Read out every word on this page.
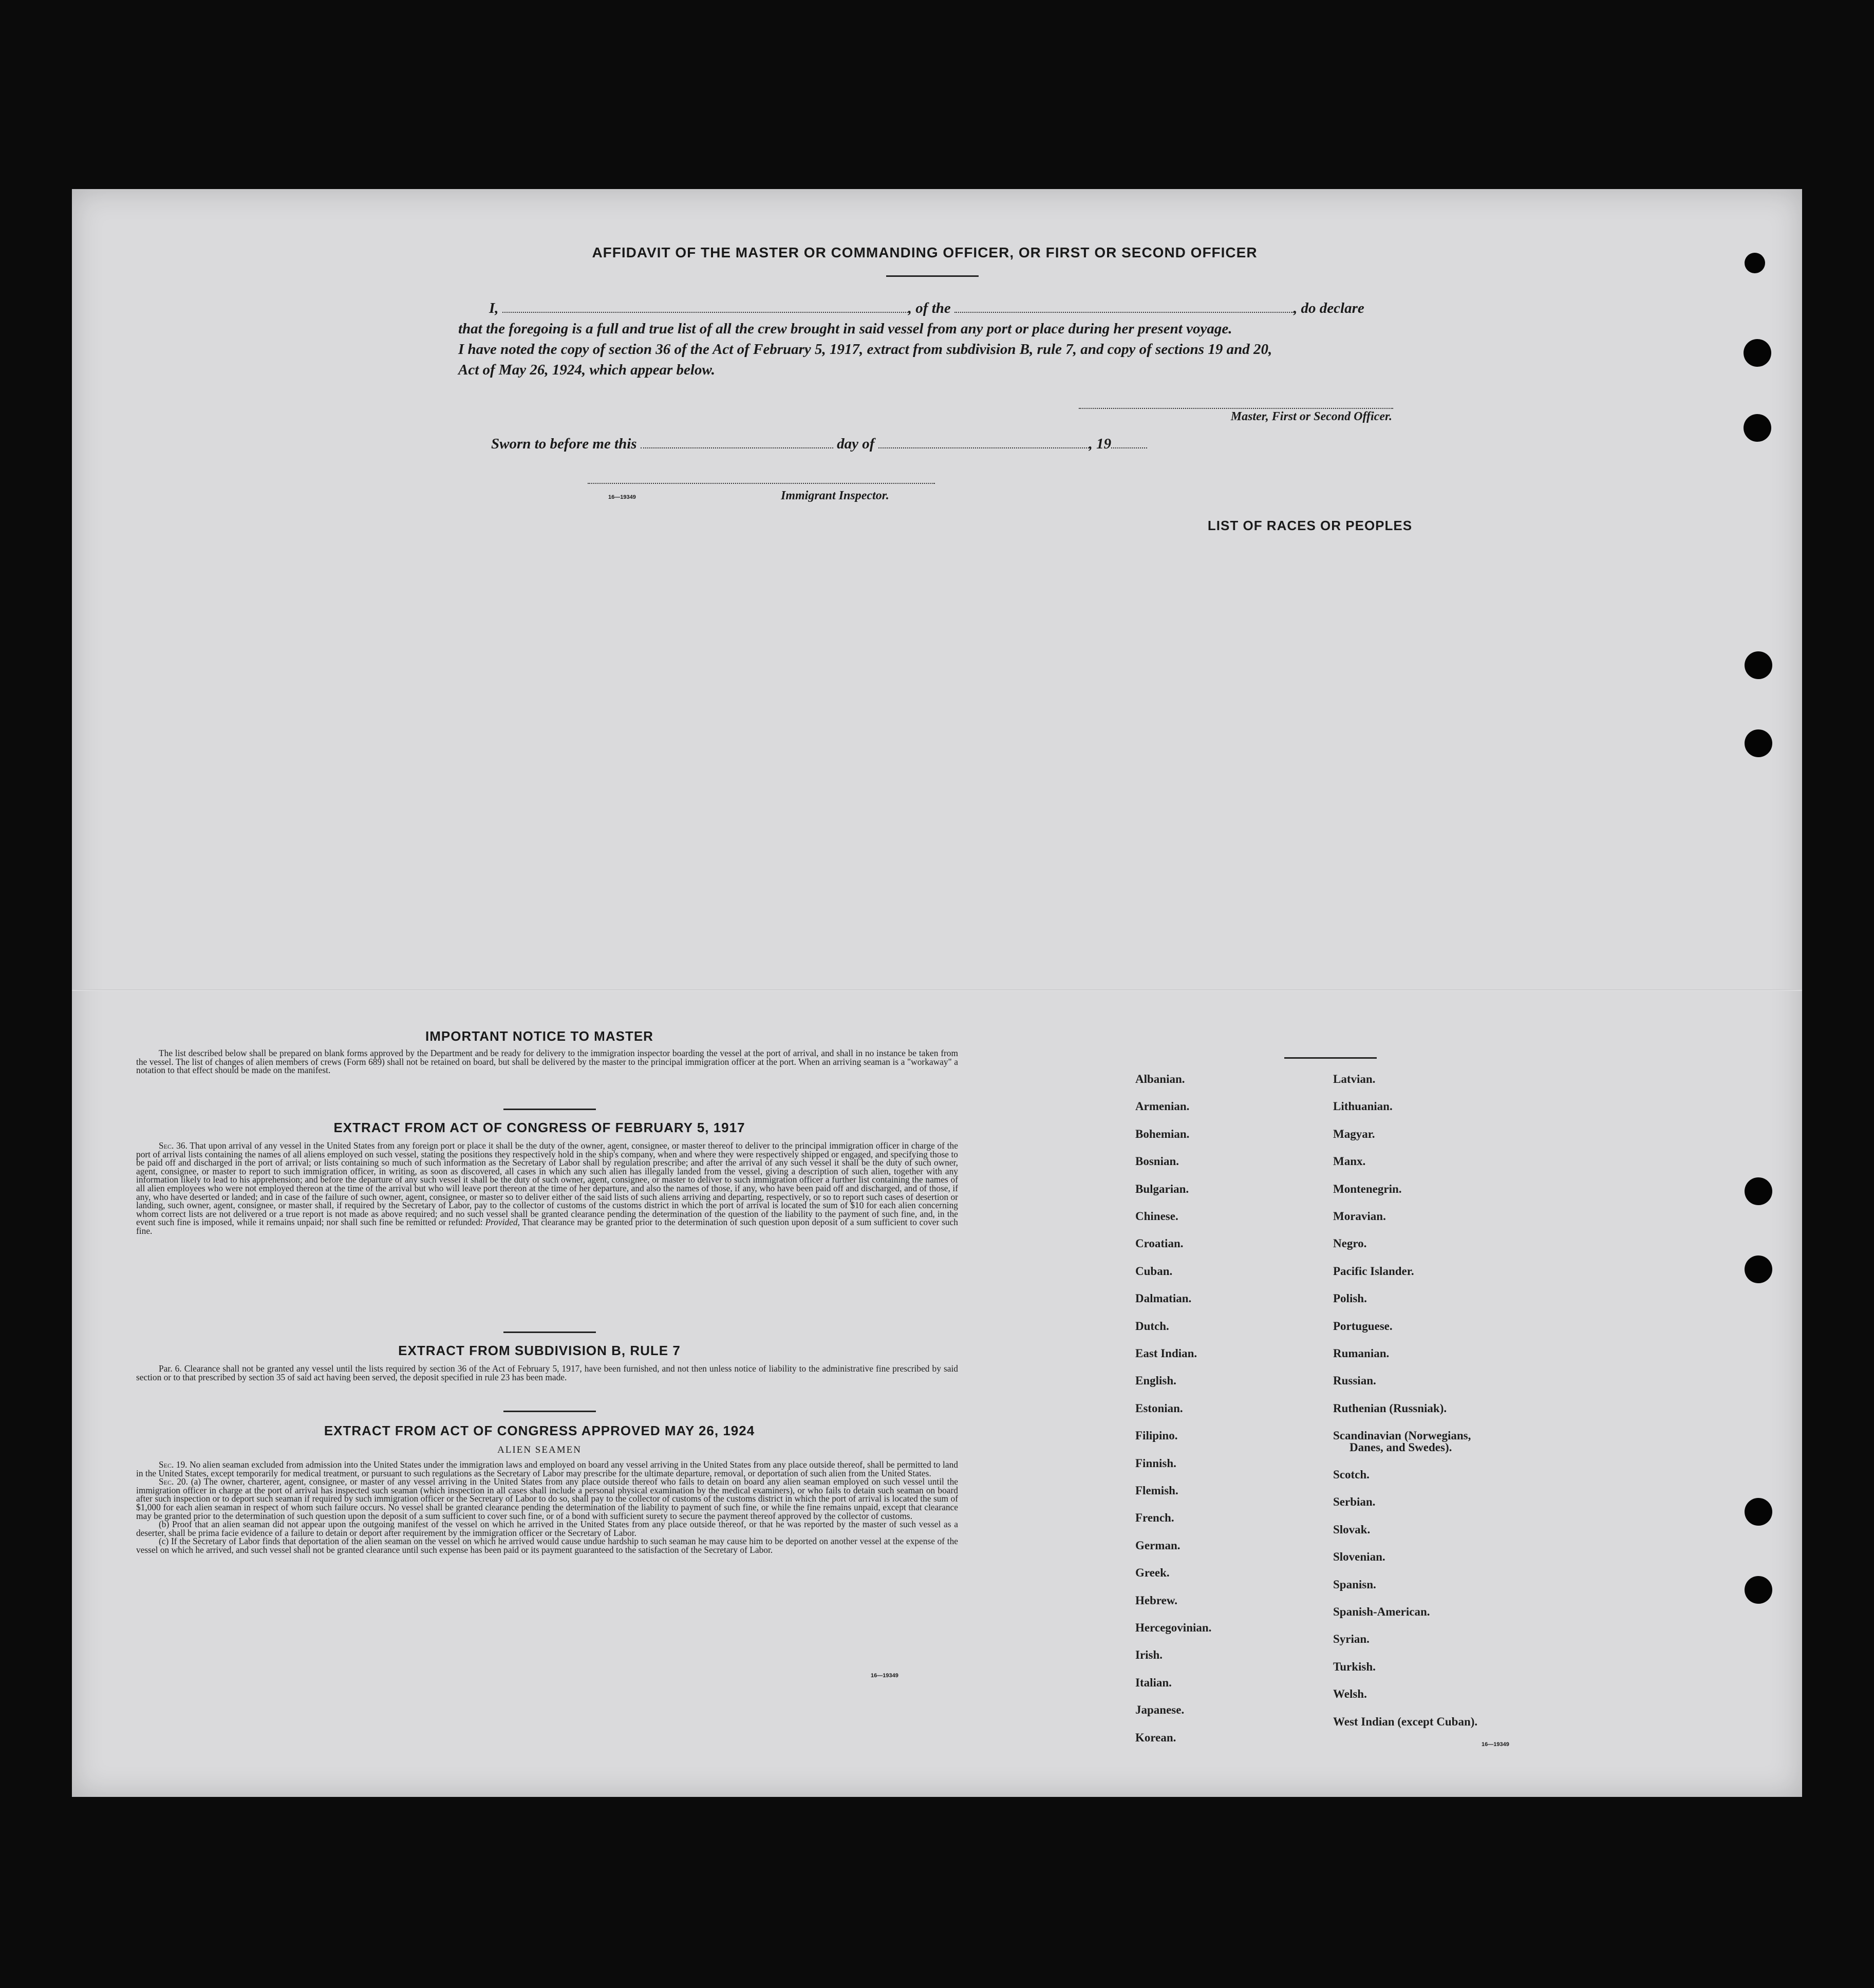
AFFIDAVIT OF THE MASTER OR COMMANDING OFFICER, OR FIRST OR SECOND OFFICER
I,	, of the	, do declare
that the foregoing is a full and true list of all the crew brought in said vessel from any port or place during her present voyage.
I have noted the copy of section 36 of the Act of February 5, 1917, extract from subdivision B, rule 7, and copy of sections 19 and 20,
Act of May 26, 1924, which appear below.
Master, First or Second Officer.
Sworn to before me this	day of	, 19
16—19349	Immigrant Inspector.
IMPORTANT NOTICE TO MASTER

The list described below shall be prepared on blank forms approved by the Department and be ready for delivery to the immigration inspector boarding the vessel at the port of arrival, and shall in no instance be taken from the vessel. The list of changes of alien members of crews (Form 689) shall not be retained on board, but shall be delivered by the master to the principal immigration officer at the port. When an arriving seaman is a "workaway" a notation to that effect should be made on the manifest.

EXTRACT FROM ACT OF CONGRESS OF FEBRUARY 5, 1917

Sec. 36. That upon arrival of any vessel in the United States from any foreign port or place it shall be the duty of the owner, agent, consignee, or master thereof to deliver to the principal immigration officer in charge of the port of arrival lists containing the names of all aliens employed on such vessel, stating the positions they respectively hold in the ship's company, when and where they were respectively shipped or engaged, and specifying those to be paid off and discharged in the port of arrival; or lists containing so much of such information as the Secretary of Labor shall by regulation prescribe; and after the arrival of any such vessel it shall be the duty of such owner, agent, consignee, or master to report to such immigration officer, in writing, as soon as discovered, all cases in which any such alien has illegally landed from the vessel, giving a description of such alien, together with any information likely to lead to his apprehension; and before the departure of any such vessel it shall be the duty of such owner, agent, consignee, or master to deliver to such immigration officer a further list containing the names of all alien employees who were not employed thereon at the time of the arrival but who will leave port thereon at the time of her departure, and also the names of those, if any, who have been paid off and discharged, and of those, if any, who have deserted or landed; and in case of the failure of such owner, agent, consignee, or master so to deliver either of the said lists of such aliens arriving and departing, respectively, or so to report such cases of desertion or landing, such owner, agent, consignee, or master shall, if required by the Secretary of Labor, pay to the collector of customs of the customs district in which the port of arrival is located the sum of $10 for each alien concerning whom correct lists are not delivered or a true report is not made as above required; and no such vessel shall be granted clearance pending the determination of the question of the liability to the payment of such fine, and, in the event such fine is imposed, while it remains unpaid; nor shall such fine be remitted or refunded: Provided, That clearance may be granted prior to the determination of such question upon deposit of a sum sufficient to cover such fine.

EXTRACT FROM SUBDIVISION B, RULE 7

Par. 6. Clearance shall not be granted any vessel until the lists required by section 36 of the Act of February 5, 1917, have been furnished, and not then unless notice of liability to the administrative fine prescribed by said section or to that prescribed by section 35 of said act having been served, the deposit specified in rule 23 has been made.

EXTRACT FROM ACT OF CONGRESS APPROVED MAY 26, 1924
ALIEN SEAMEN

Sec. 19. No alien seaman excluded from admission into the United States under the immigration laws and employed on board any vessel arriving in the United States from any place outside thereof, shall be permitted to land in the United States, except temporarily for medical treatment, or pursuant to such regulations as the Secretary of Labor may prescribe for the ultimate departure, removal, or deportation of such alien from the United States.

Sec. 20. (a) The owner, charterer, agent, consignee, or master of any vessel arriving in the United States from any place outside thereof who fails to detain on board any alien seaman employed on such vessel until the immigration officer in charge at the port of arrival has inspected such seaman (which inspection in all cases shall include a personal physical examination by the medical examiners), or who fails to detain such seaman on board after such inspection or to deport such seaman if required by such immigration officer or the Secretary of Labor to do so, shall pay to the collector of customs of the customs district in which the port of arrival is located the sum of $1,000 for each alien seaman in respect of whom such failure occurs. No vessel shall be granted clearance pending the determination of the liability to payment of such fine, or while the fine remains unpaid, except that clearance may be granted prior to the determination of such question upon the deposit of a sum sufficient to cover such fine, or of a bond with sufficient surety to secure the payment thereof approved by the collector of customs.

(b) Proof that an alien seaman did not appear upon the outgoing manifest of the vessel on which he arrived in the United States from any place outside thereof, or that he was reported by the master of such vessel as a deserter, shall be prima facie evidence of a failure to detain or deport after requirement by the immigration officer or the Secretary of Labor.

(c) If the Secretary of Labor finds that deportation of the alien seaman on the vessel on which he arrived would cause undue hardship to such seaman he may cause him to be deported on another vessel at the expense of the vessel on which he arrived, and such vessel shall not be granted clearance until such expense has been paid or its payment guaranteed to the satisfaction of the Secretary of Labor.

16—19349
LIST OF RACES OR PEOPLES
16—19349
Albanian.
Armenian.
Bohemian.
Bosnian.
Bulgarian.
Chinese.
Croatian.
Cuban.
Dalmatian.
Dutch.
East Indian.
English.
Estonian.
Filipino.
Finnish.
Flemish.
French.
German.
Greek.
Hebrew.
Hercegovinian.
Irish.
Italian.
Japanese.
Korean.
Latvian.
Lithuanian.
Magyar.
Manx.
Montenegrin.
Moravian.
Negro.
Pacific Islander.
Polish.
Portuguese.
Rumanian.
Russian.
Ruthenian (Russniak).
Scandinavian (Norwegians,
Danes, and Swedes).
Scotch.
Serbian.
Slovak.
Slovenian.
Spanisn.
Spanish-American.
Syrian.
Turkish.
Welsh.
West Indian (except Cuban).
